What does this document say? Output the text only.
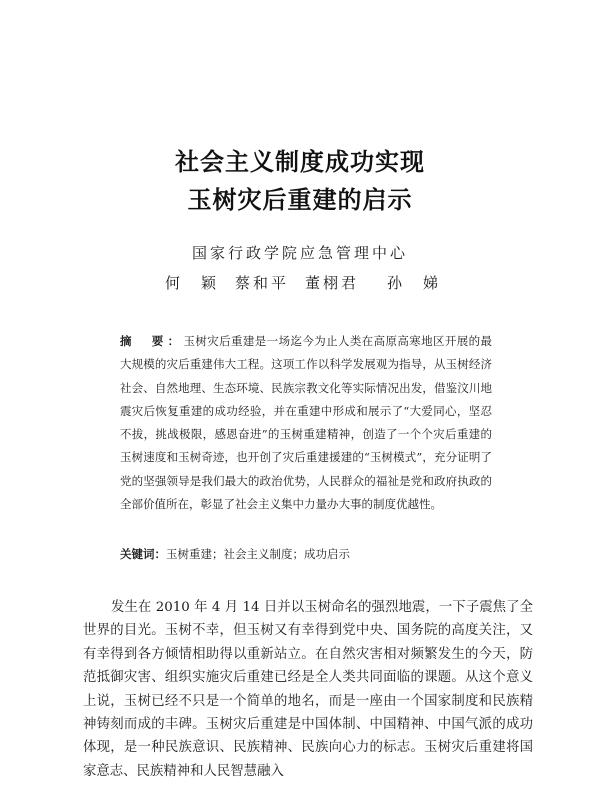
社会主义制度成功实现
玉树灾后重建的启示
国家行政学院应急管理中心
何　颖 蔡和平 董栩君 孙　娣
摘　要：玉树灾后重建是一场迄今为止人类在高原高寒地区开展的最大规模的灾后重建伟大工程。这项工作以科学发展观为指导，从玉树经济社会、自然地理、生态环境、民族宗教文化等实际情况出发，借鉴汶川地震灾后恢复重建的成功经验，并在重建中形成和展示了“大爱同心，坚忍不拔，挑战极限，感恩奋进”的玉树重建精神，创造了一个个灾后重建的玉树速度和玉树奇迹，也开创了灾后重建援建的“玉树模式”，充分证明了党的坚强领导是我们最大的政治优势，人民群众的福祉是党和政府执政的全部价值所在，彰显了社会主义集中力量办大事的制度优越性。
关键词：玉树重建；社会主义制度；成功启示
发生在 2010 年 4 月 14 日并以玉树命名的强烈地震，一下子震焦了全世界的目光。玉树不幸，但玉树又有幸得到党中央、国务院的高度关注，又有幸得到各方倾情相助得以重新站立。在自然灾害相对频繁发生的今天，防范抵御灾害、组织实施灾后重建已经是全人类共同面临的课题。从这个意义上说，玉树已经不只是一个简单的地名，而是一座由一个国家制度和民族精神铸刻而成的丰碑。玉树灾后重建是中国体制、中国精神、中国气派的成功体现，是一种民族意识、民族精神、民族向心力的标志。玉树灾后重建将国家意志、民族精神和人民智慧融入
